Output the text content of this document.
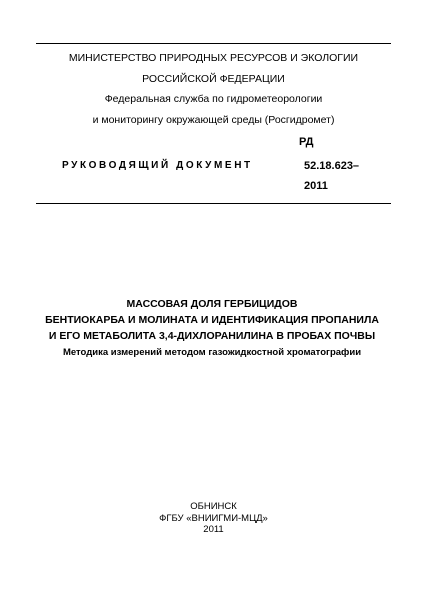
МИНИСТЕРСТВО ПРИРОДНЫХ РЕСУРСОВ И ЭКОЛОГИИ
РОССИЙСКОЙ ФЕДЕРАЦИИ
Федеральная служба по гидрометеорологии
и мониторингу окружающей среды (Росгидромет)
РУКОВОДЯЩИЙ ДОКУМЕНТ
РД
52.18.623–
2011
МАССОВАЯ ДОЛЯ ГЕРБИЦИДОВ
БЕНТИОКАРБА И МОЛИНАТА И ИДЕНТИФИКАЦИЯ ПРОПАНИЛА
И ЕГО МЕТАБОЛИТА 3,4-ДИХЛОРАНИЛИНА В ПРОБАХ ПОЧВЫ
Методика измерений методом газожидкостной хроматографии
ОБНИНСК
ФГБУ «ВНИИГМИ-МЦД»
2011
